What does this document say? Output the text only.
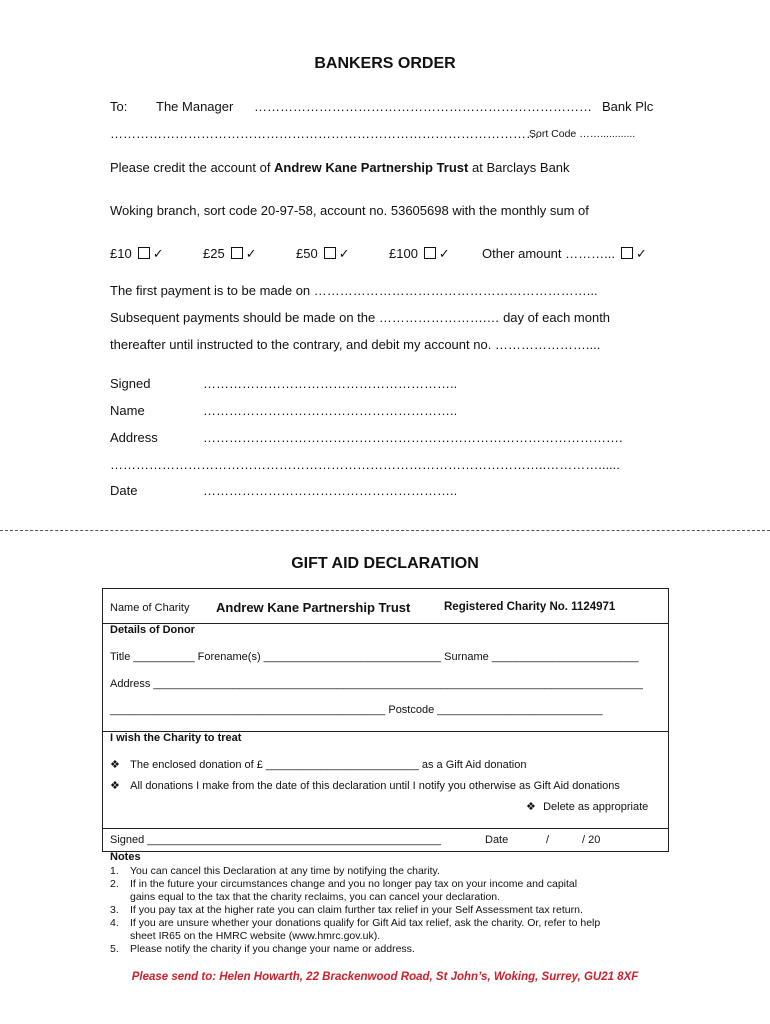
BANKERS ORDER
To: The Manager …………………………………………………………………… Bank Plc
………………………………………………………………………………………
Sort Code ……............
Please credit the account of Andrew Kane Partnership Trust at Barclays Bank
Woking branch, sort code 20-97-58, account no. 53605698 with the monthly sum of
£10 ✓	£25 ✓	£50 ✓	£100 ✓ Other amount ………... ✓
The first payment is to be made on ………………………………………………………...
Subsequent payments should be made on the …………………….… day of each month
thereafter until instructed to the contrary, and debit my account no. …………………....
Signed	…………………………………………………..
Name	…………………………………………………..
Address	…………………………………………………………………………………….
………………………………………………………………………………………..…………......
Date	…………………………………………………..
GIFT AID DECLARATION
Name of Charity Andrew Kane Partnership Trust	Registered Charity No. 1124971
Details of Donor
Title __________ Forename(s) _____________________________ Surname ________________________
Address ________________________________________________________________________________
_____________________________________________ Postcode ___________________________
I wish the Charity to treat
❖ The enclosed donation of £ _________________________ as a Gift Aid donation
❖ All donations I make from the date of this declaration until I notify you otherwise as Gift Aid donations
❖ Delete as appropriate
Signed ________________________________________________	Date	/	/ 20
Notes
1. You can cancel this Declaration at any time by notifying the charity.
2. If in the future your circumstances change and you no longer pay tax on your income and capital
gains equal to the tax that the charity reclaims, you can cancel your declaration.
3. If you pay tax at the higher rate you can claim further tax relief in your Self Assessment tax return.
4. If you are unsure whether your donations qualify for Gift Aid tax relief, ask the charity. Or, refer to help
sheet IR65 on the HMRC website (www.hmrc.gov.uk).
5. Please notify the charity if you change your name or address.
Please send to: Helen Howarth, 22 Brackenwood Road, St John’s, Woking, Surrey, GU21 8XF
